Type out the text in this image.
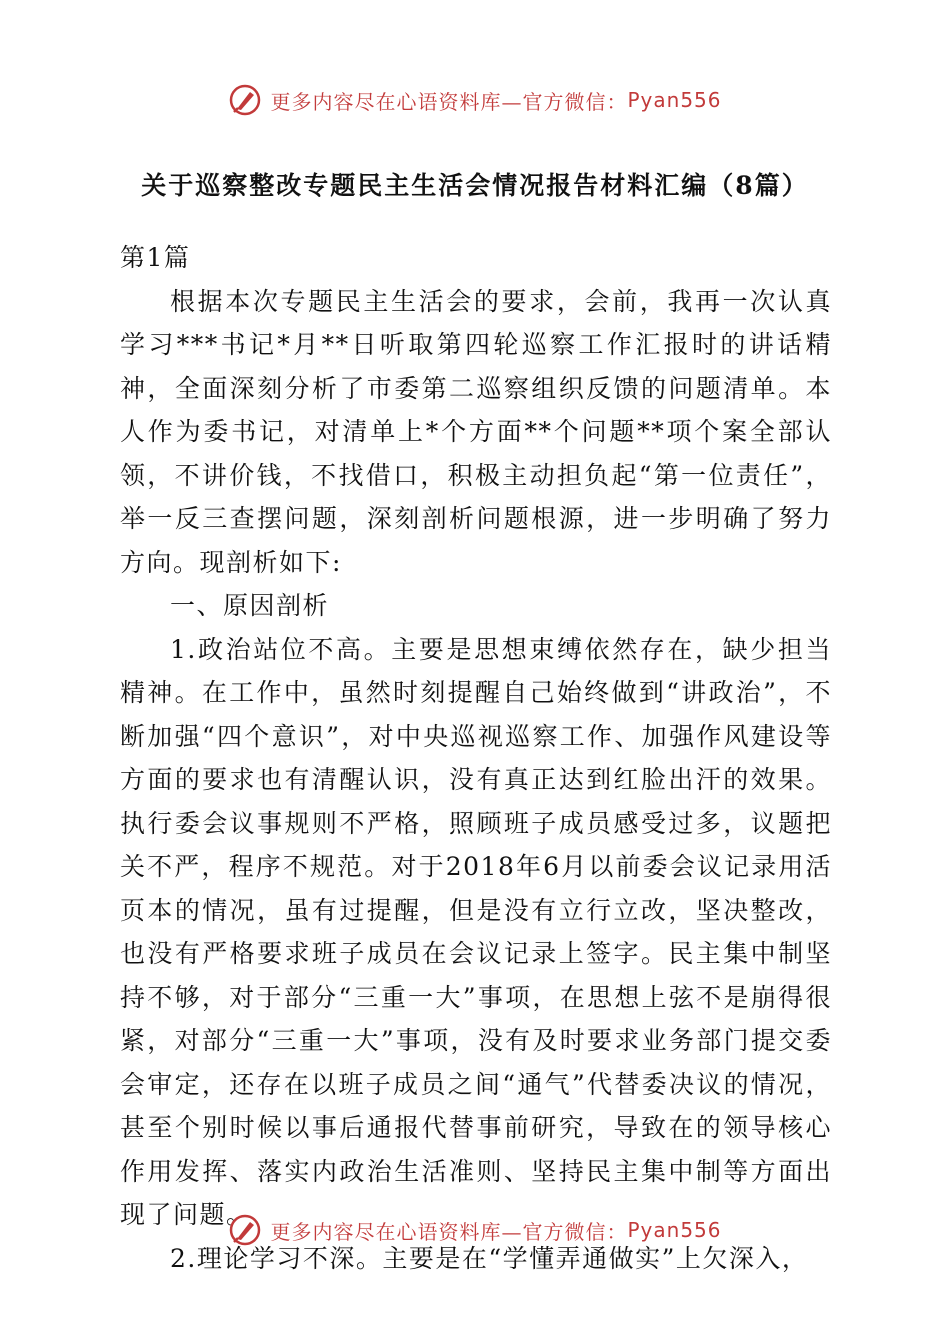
更多内容尽在心语资料库—官方微信： Pyan556
关于巡察整改专题民主生活会情况报告材料汇编（8篇）

第1篇

根据本次专题民主生活会的要求，会前，我再一次认真学习***书记*月**日听取第四轮巡察工作汇报时的讲话精神，全面深刻分析了市委第二巡察组织反馈的问题清单。本人作为委书记，对清单上*个方面**个问题**项个案全部认领，不讲价钱，不找借口，积极主动担负起“第一位责任”，举一反三查摆问题，深刻剖析问题根源，进一步明确了努力方向。现剖析如下:

一、原因剖析

1.政治站位不高。主要是思想束缚依然存在，缺少担当精神。在工作中，虽然时刻提醒自己始终做到“讲政治”，不断加强“四个意识”，对中央巡视巡察工作、加强作风建设等方面的要求也有清醒认识，没有真正达到红脸出汗的效果。执行委会议事规则不严格，照顾班子成员感受过多，议题把关不严，程序不规范。对于2018年6月以前委会议记录用活页本的情况，虽有过提醒，但是没有立行立改，坚决整改，也没有严格要求班子成员在会议记录上签字。民主集中制坚持不够，对于部分“三重一大”事项，在思想上弦不是崩得很紧，对部分“三重一大”事项，没有及时要求业务部门提交委会审定，还存在以班子成员之间“通气”代替委决议的情况，甚至个别时候以事后通报代替事前研究，导致在的领导核心作用发挥、落实内政治生活准则、坚持民主集中制等方面出现了问题。

2.理论学习不深。主要是在“学懂弄通做实”上欠深入，

更多内容尽在心语资料库—官方微信： Pyan556
